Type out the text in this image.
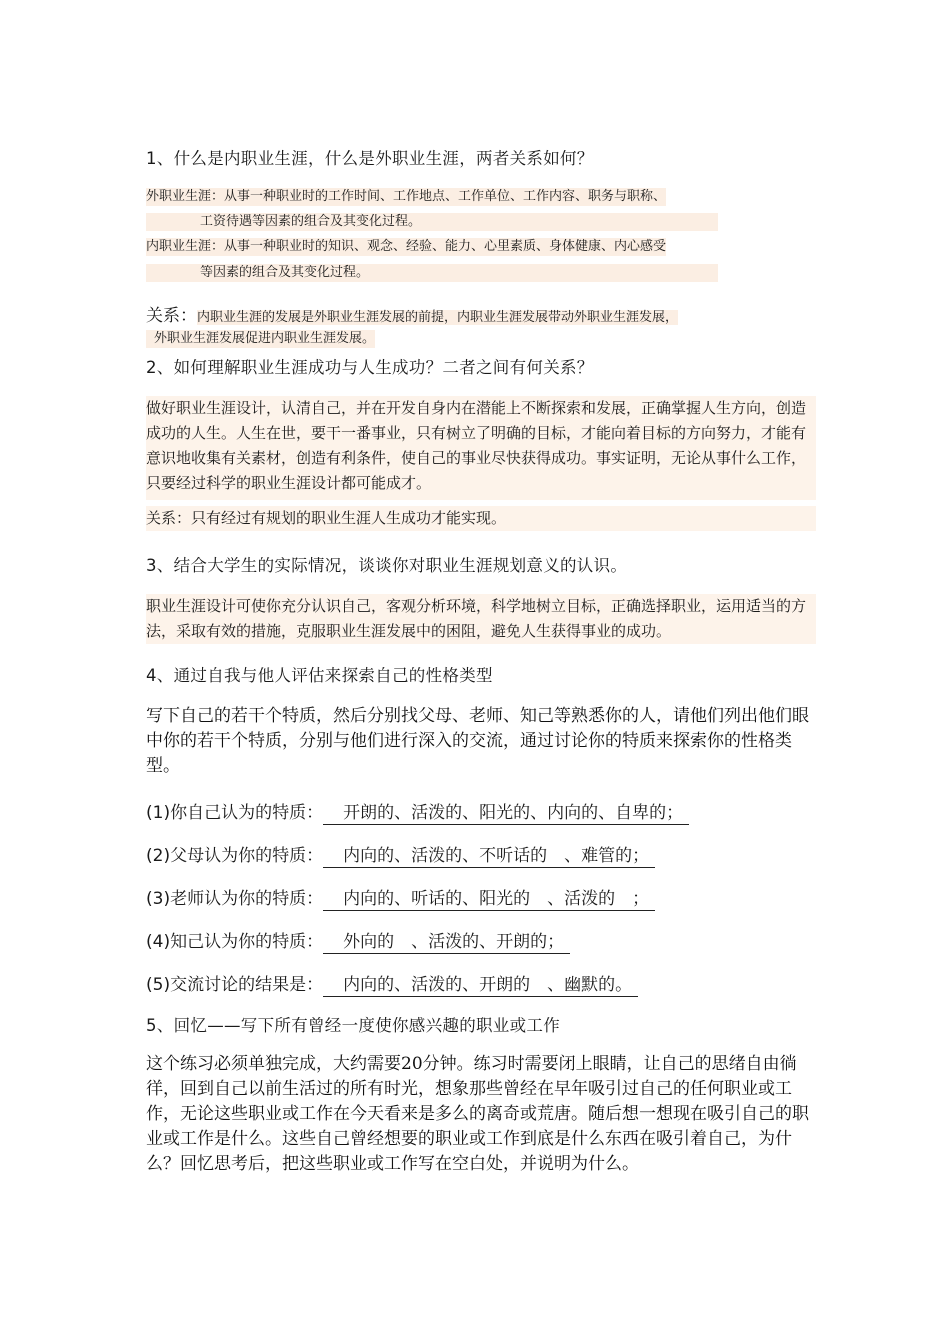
1、什么是内职业生涯，什么是外职业生涯，两者关系如何？
外职业生涯：从事一种职业时的工作时间、工作地点、工作单位、工作内容、职务与职称、
工资待遇等因素的组合及其变化过程。
内职业生涯：从事一种职业时的知识、观念、经验、能力、心里素质、身体健康、内心感受
等因素的组合及其变化过程。
关系：内职业生涯的发展是外职业生涯发展的前提，内职业生涯发展带动外职业生涯发展，
外职业生涯发展促进内职业生涯发展。
2、如何理解职业生涯成功与人生成功？二者之间有何关系？
做好职业生涯设计，认清自己，并在开发自身内在潜能上不断探索和发展，正确掌握人生方向，创造成功的人生。人生在世，要干一番事业，只有树立了明确的目标，才能向着目标的方向努力，才能有意识地收集有关素材，创造有利条件，使自己的事业尽快获得成功。事实证明，无论从事什么工作，只要经过科学的职业生涯设计都可能成才。
关系：只有经过有规划的职业生涯人生成功才能实现。
3、结合大学生的实际情况，谈谈你对职业生涯规划意义的认识。
职业生涯设计可使你充分认识自己，客观分析环境，科学地树立目标，正确选择职业，运用适当的方法，采取有效的措施，克服职业生涯发展中的困阻，避免人生获得事业的成功。
4、通过自我与他人评估来探索自己的性格类型
写下自己的若干个特质，然后分别找父母、老师、知己等熟悉你的人，请他们列出他们眼中你的若干个特质，分别与他们进行深入的交流，通过讨论你的特质来探索你的性格类型。
(1)你自己认为的特质： 开朗的、活泼的、阳光的、内向的、自卑的；
(2)父母认为你的特质： 内向的、活泼的、不听话的　、难管的；
(3)老师认为你的特质： 内向的、听话的、阳光的　、活泼的　；
(4)知己认为你的特质： 外向的　、活泼的、开朗的；
(5)交流讨论的结果是： 内向的、活泼的、开朗的　、幽默的。
5、回忆——写下所有曾经一度使你感兴趣的职业或工作
这个练习必须单独完成，大约需要20分钟。练习时需要闭上眼睛，让自己的思绪自由徜徉，回到自己以前生活过的所有时光，想象那些曾经在早年吸引过自己的任何职业或工作，无论这些职业或工作在今天看来是多么的离奇或荒唐。随后想一想现在吸引自己的职业或工作是什么。这些自己曾经想要的职业或工作到底是什么东西在吸引着自己，为什么？回忆思考后，把这些职业或工作写在空白处，并说明为什么。
